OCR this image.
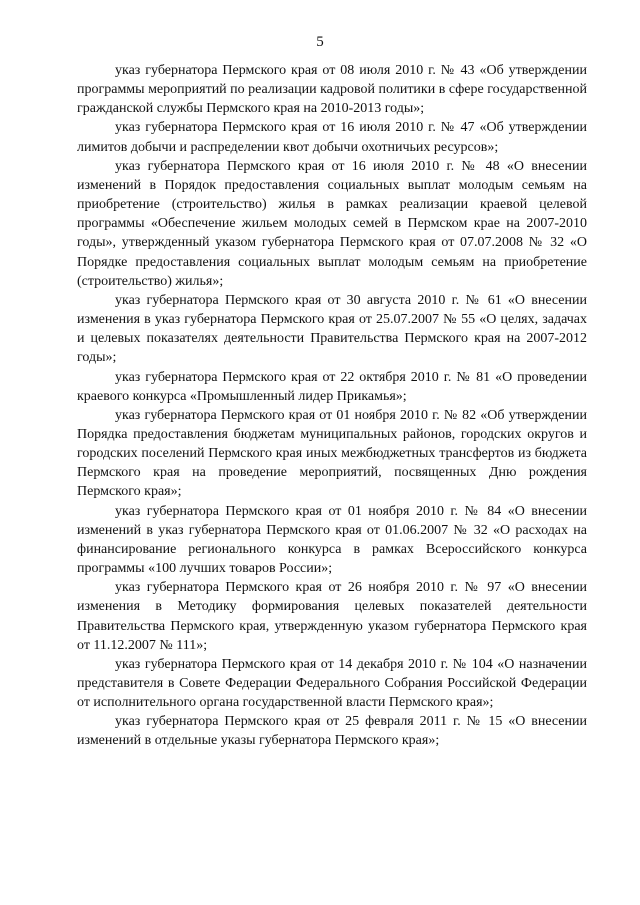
5

указ губернатора Пермского края от 08 июля 2010 г. № 43 «Об утверждении программы мероприятий по реализации кадровой политики в сфере государственной гражданской службы Пермского края на 2010-2013 годы»;

указ губернатора Пермского края от 16 июля 2010 г. № 47 «Об утверждении лимитов добычи и распределении квот добычи охотничьих ресурсов»;

указ губернатора Пермского края от 16 июля 2010 г. № 48 «О внесении изменений в Порядок предоставления социальных выплат молодым семьям на приобретение (строительство) жилья в рамках реализации краевой целевой программы «Обеспечение жильем молодых семей в Пермском крае на 2007-2010 годы», утвержденный указом губернатора Пермского края от 07.07.2008 № 32 «О Порядке предоставления социальных выплат молодым семьям на приобретение (строительство) жилья»;

указ губернатора Пермского края от 30 августа 2010 г. № 61 «О внесении изменения в указ губернатора Пермского края от 25.07.2007 № 55 «О целях, задачах и целевых показателях деятельности Правительства Пермского края на 2007-2012 годы»;

указ губернатора Пермского края от 22 октября 2010 г. № 81 «О проведении краевого конкурса «Промышленный лидер Прикамья»;

указ губернатора Пермского края от 01 ноября 2010 г. № 82 «Об утверждении Порядка предоставления бюджетам муниципальных районов, городских округов и городских поселений Пермского края иных межбюджетных трансфертов из бюджета Пермского края на проведение мероприятий, посвященных Дню рождения Пермского края»;

указ губернатора Пермского края от 01 ноября 2010 г. № 84 «О внесении изменений в указ губернатора Пермского края от 01.06.2007 № 32 «О расходах на финансирование регионального конкурса в рамках Всероссийского конкурса программы «100 лучших товаров России»;

указ губернатора Пермского края от 26 ноября 2010 г. № 97 «О внесении изменения в Методику формирования целевых показателей деятельности Правительства Пермского края, утвержденную указом губернатора Пермского края от 11.12.2007 № 111»;

указ губернатора Пермского края от 14 декабря 2010 г. № 104 «О назначении представителя в Совете Федерации Федерального Собрания Российской Федерации от исполнительного органа государственной власти Пермского края»;

указ губернатора Пермского края от 25 февраля 2011 г. № 15 «О внесении изменений в отдельные указы губернатора Пермского края»;
